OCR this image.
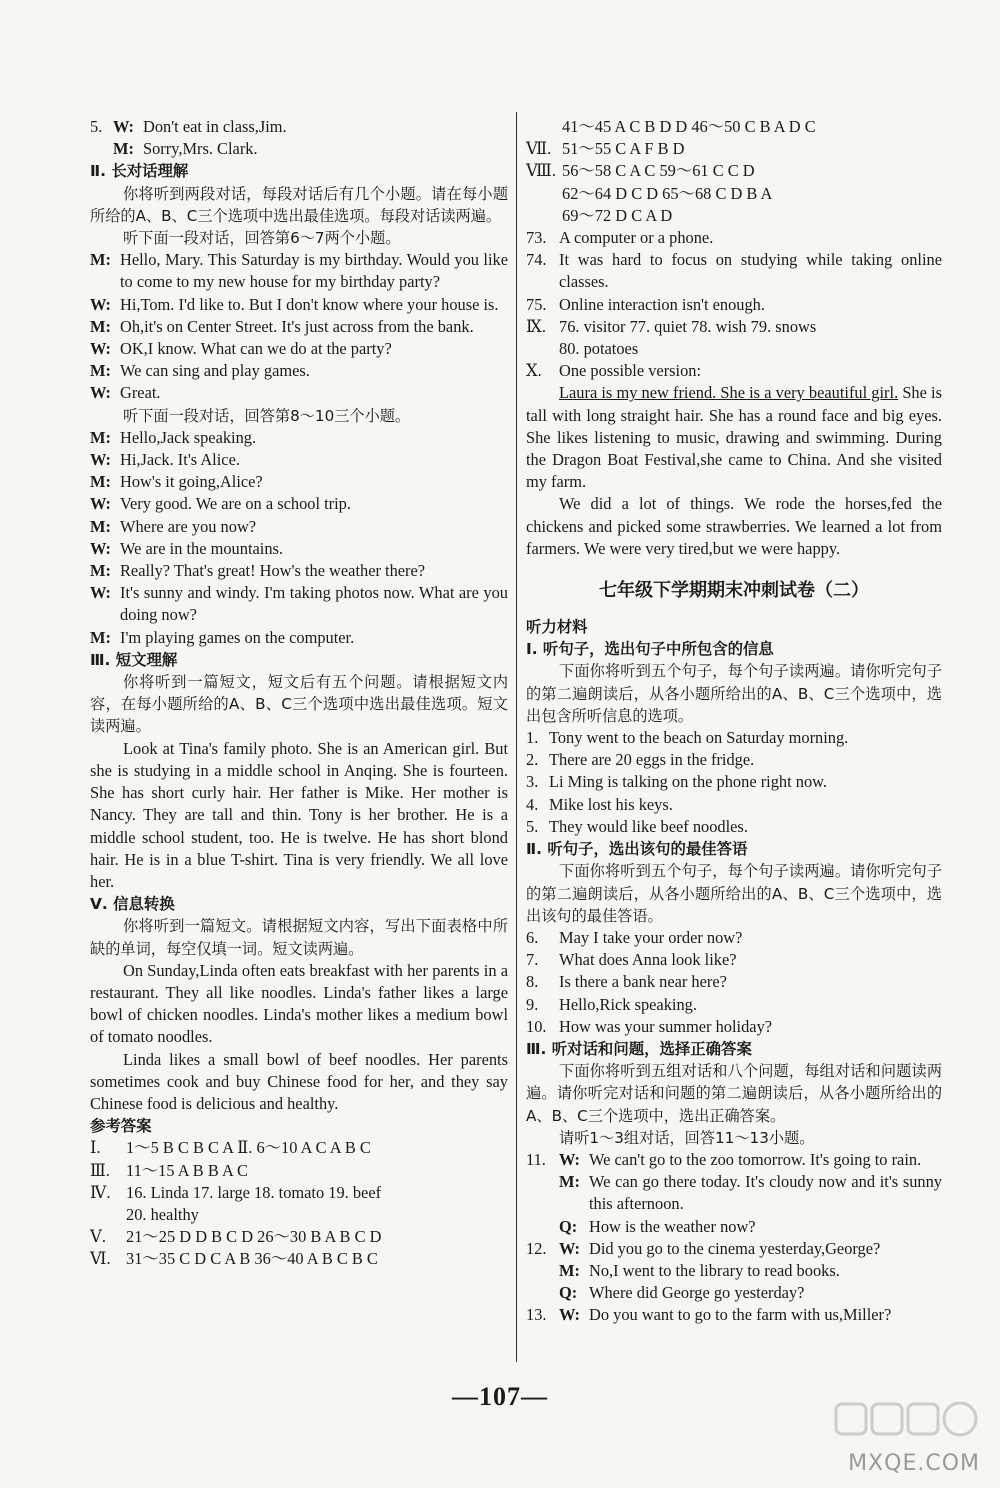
5. W: Don't eat in class,Jim.
M: Sorry,Mrs. Clark.
Ⅱ. 长对话理解
你将听到两段对话，每段对话后有几个小题。请在每小题所给的A、B、C三个选项中选出最佳选项。每段对话读两遍。
听下面一段对话，回答第6～7两个小题。
M: Hello, Mary. This Saturday is my birthday. Would you like to come to my new house for my birthday party?
W: Hi,Tom. I'd like to. But I don't know where your house is.
M: Oh,it's on Center Street. It's just across from the bank.
W: OK,I know. What can we do at the party?
M: We can sing and play games.
W: Great.
听下面一段对话，回答第8～10三个小题。
M: Hello,Jack speaking.
W: Hi,Jack. It's Alice.
M: How's it going,Alice?
W: Very good. We are on a school trip.
M: Where are you now?
W: We are in the mountains.
M: Really? That's great! How's the weather there?
W: It's sunny and windy. I'm taking photos now. What are you doing now?
M: I'm playing games on the computer.
Ⅲ. 短文理解
你将听到一篇短文，短文后有五个问题。请根据短文内容，在每小题所给的A、B、C三个选项中选出最佳选项。短文读两遍。
Look at Tina's family photo. She is an American girl. But she is studying in a middle school in Anqing. She is fourteen. She has short curly hair. Her father is Mike. Her mother is Nancy. They are tall and thin. Tony is her brother. He is a middle school student, too. He is twelve. He has short blond hair. He is in a blue T-shirt. Tina is very friendly. We all love her.
Ⅴ. 信息转换
你将听到一篇短文。请根据短文内容，写出下面表格中所缺的单词，每空仅填一词。短文读两遍。
On Sunday,Linda often eats breakfast with her parents in a restaurant. They all like noodles. Linda's father likes a large bowl of chicken noodles. Linda's mother likes a medium bowl of tomato noodles.
Linda likes a small bowl of beef noodles. Her parents sometimes cook and buy Chinese food for her, and they say Chinese food is delicious and healthy.
参考答案
Ⅰ. 1～5 B C B C A Ⅱ. 6～10 A C A B C
Ⅲ. 11～15 A B B A C
Ⅳ. 16. Linda 17. large 18. tomato 19. beef
20. healthy
Ⅴ. 21～25 D D B C D 26～30 B A B C D
Ⅵ. 31～35 C D C A B 36～40 A B C B C
41～45 A C B D D 46～50 C B A D C
Ⅶ. 51～55 C A F B D
Ⅷ. 56～58 C A C 59～61 C C D
62～64 D C D 65～68 C D B A
69～72 D C A D
73. A computer or a phone.
74. It was hard to focus on studying while taking online classes.
75. Online interaction isn't enough.
Ⅸ. 76. visitor 77. quiet 78. wish 79. snows
80. potatoes
Ⅹ. One possible version:
Laura is my new friend. She is a very beautiful girl. She is tall with long straight hair. She has a round face and big eyes. She likes listening to music, drawing and swimming. During the Dragon Boat Festival,she came to China. And she visited my farm.
We did a lot of things. We rode the horses,fed the chickens and picked some strawberries. We learned a lot from farmers. We were very tired,but we were happy.
七年级下学期期末冲刺试卷（二）
听力材料
Ⅰ. 听句子，选出句子中所包含的信息
下面你将听到五个句子，每个句子读两遍。请你听完句子的第二遍朗读后，从各小题所给出的A、B、C三个选项中，选出包含所听信息的选项。
1. Tony went to the beach on Saturday morning.
2. There are 20 eggs in the fridge.
3. Li Ming is talking on the phone right now.
4. Mike lost his keys.
5. They would like beef noodles.
Ⅱ. 听句子，选出该句的最佳答语
下面你将听到五个句子，每个句子读两遍。请你听完句子的第二遍朗读后，从各小题所给出的A、B、C三个选项中，选出该句的最佳答语。
6. May I take your order now?
7. What does Anna look like?
8. Is there a bank near here?
9. Hello,Rick speaking.
10. How was your summer holiday?
Ⅲ. 听对话和问题，选择正确答案
下面你将听到五组对话和八个问题，每组对话和问题读两遍。请你听完对话和问题的第二遍朗读后，从各小题所给出的A、B、C三个选项中，选出正确答案。
请听1～3组对话，回答11～13小题。
11. W: We can't go to the zoo tomorrow. It's going to rain.
M: We can go there today. It's cloudy now and it's sunny this afternoon.
Q: How is the weather now?
12. W: Did you go to the cinema yesterday,George?
M: No,I went to the library to read books.
Q: Where did George go yesterday?
13. W: Do you want to go to the farm with us,Miller?
—107—
MXQE.COM
